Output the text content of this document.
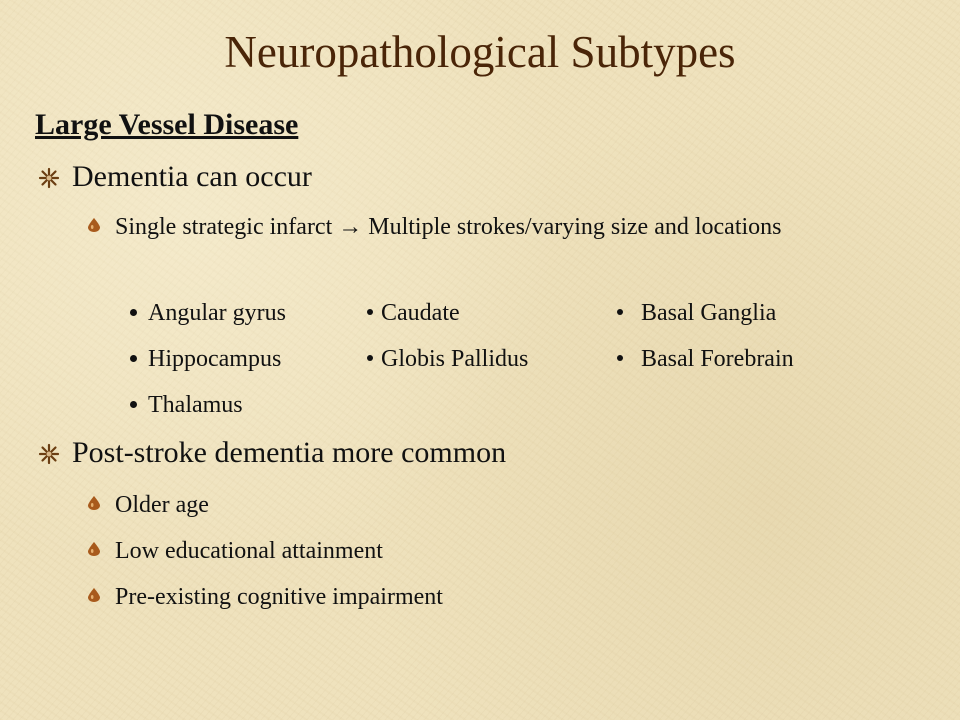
Neuropathological Subtypes
Large Vessel Disease
Dementia can occur
Single strategic infarct → Multiple strokes/varying size and locations
Angular gyrus	Caudate	Basal Ganglia
Hippocampus	Globis Pallidus	Basal Forebrain
Thalamus
Post-stroke dementia more common
Older age
Low educational attainment
Pre-existing cognitive impairment
